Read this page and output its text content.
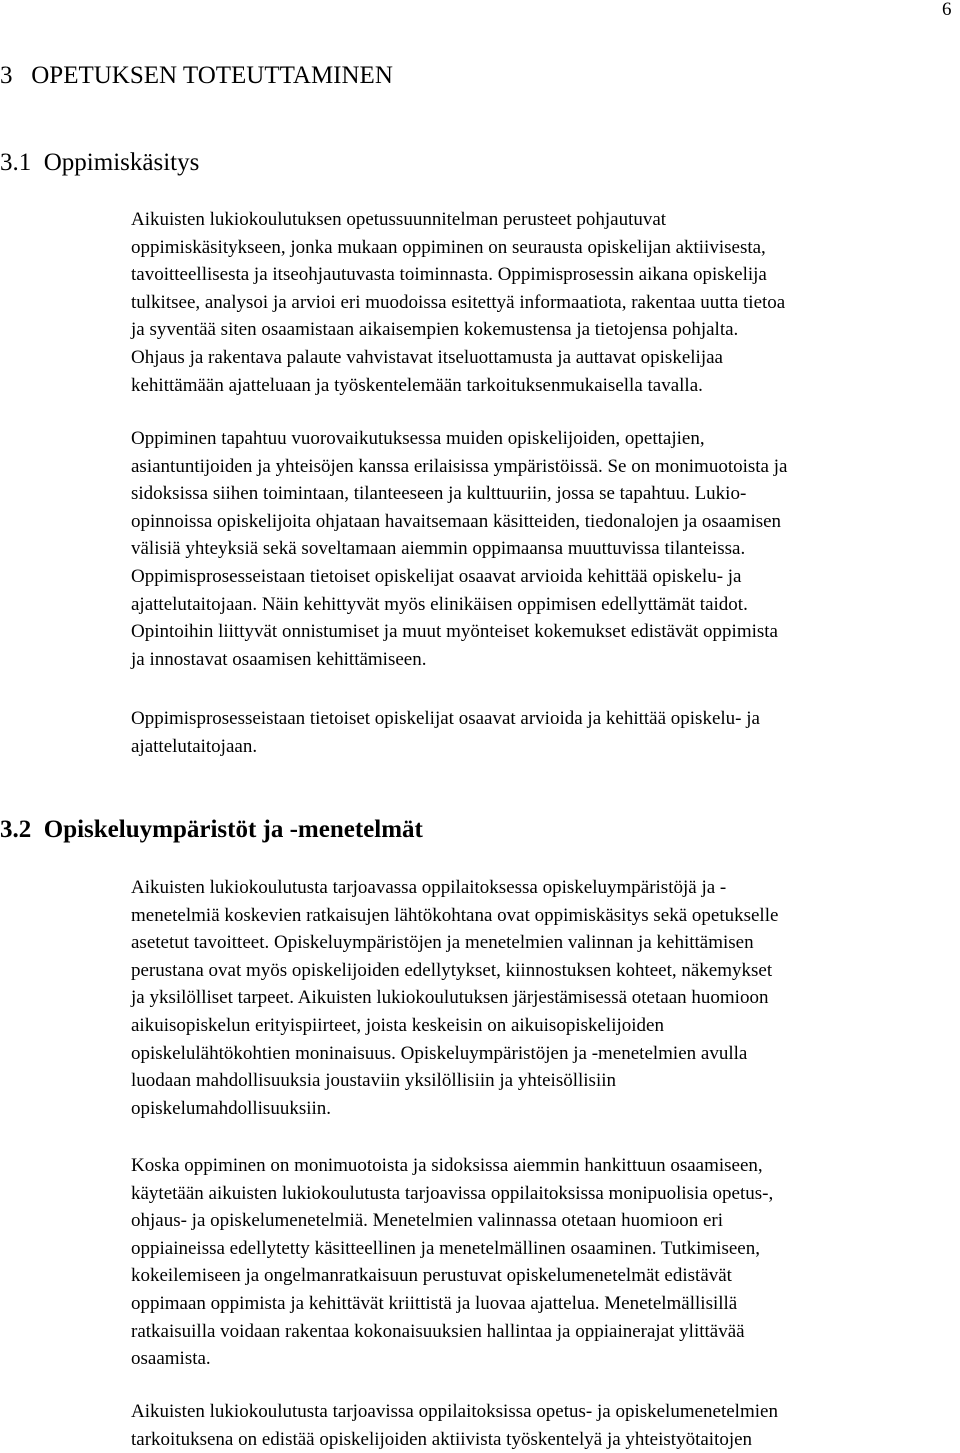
6
3   OPETUKSEN TOTEUTTAMINEN
3.1  Oppimiskäsitys
Aikuisten lukiokoulutuksen opetussuunnitelman perusteet pohjautuvat
oppimiskäsitykseen, jonka mukaan oppiminen on seurausta opiskelijan aktiivisesta,
tavoitteellisesta ja itseohjautuvasta toiminnasta. Oppimisprosessin aikana opiskelija
tulkitsee, analysoi ja arvioi eri muodoissa esitettyä informaatiota, rakentaa uutta tietoa
ja syventää siten osaamistaan aikaisempien kokemustensa ja tietojensa pohjalta.
Ohjaus ja rakentava palaute vahvistavat itseluottamusta ja auttavat opiskelijaa
kehittämään ajatteluaan ja työskentelemään tarkoituksenmukaisella tavalla.
Oppiminen tapahtuu vuorovaikutuksessa muiden opiskelijoiden, opettajien,
asiantuntijoiden ja yhteisöjen kanssa erilaisissa ympäristöissä. Se on monimuotoista ja
sidoksissa siihen toimintaan, tilanteeseen ja kulttuuriin, jossa se tapahtuu. Lukio-
opinnoissa opiskelijoita ohjataan havaitsemaan käsitteiden, tiedonalojen ja osaamisen
välisiä yhteyksiä sekä soveltamaan aiemmin oppimaansa muuttuvissa tilanteissa.
Oppimisprosesseistaan tietoiset opiskelijat osaavat arvioida kehittää opiskelu- ja
ajattelutaitojaan. Näin kehittyvät myös elinikäisen oppimisen edellyttämät taidot.
Opintoihin liittyvät onnistumiset ja muut myönteiset kokemukset edistävät oppimista
ja innostavat osaamisen kehittämiseen.
Oppimisprosesseistaan tietoiset opiskelijat osaavat arvioida ja kehittää opiskelu- ja
ajattelutaitojaan.
3.2  Opiskeluympäristöt ja -menetelmät
Aikuisten lukiokoulutusta tarjoavassa oppilaitoksessa opiskeluympäristöjä ja -
menetelmiä koskevien ratkaisujen lähtökohtana ovat oppimiskäsitys sekä opetukselle
asetetut tavoitteet. Opiskeluympäristöjen ja menetelmien valinnan ja kehittämisen
perustana ovat myös opiskelijoiden edellytykset, kiinnostuksen kohteet, näkemykset
ja yksilölliset tarpeet. Aikuisten lukiokoulutuksen järjestämisessä otetaan huomioon
aikuisopiskelun erityispiirteet, joista keskeisin on aikuisopiskelijoiden
opiskelulähtökohtien moninaisuus. Opiskeluympäristöjen ja -menetelmien avulla
luodaan mahdollisuuksia joustaviin yksilöllisiin ja yhteisöllisiin
opiskelumahdollisuuksiin.
Koska oppiminen on monimuotoista ja sidoksissa aiemmin hankittuun osaamiseen,
käytetään aikuisten lukiokoulutusta tarjoavissa oppilaitoksissa monipuolisia opetus-,
ohjaus- ja opiskelumenetelmiä. Menetelmien valinnassa otetaan huomioon eri
oppiaineissa edellytetty käsitteellinen ja menetelmällinen osaaminen. Tutkimiseen,
kokeilemiseen ja ongelmanratkaisuun perustuvat opiskelumenetelmät edistävät
oppimaan oppimista ja kehittävät kriittistä ja luovaa ajattelua. Menetelmällisillä
ratkaisuilla voidaan rakentaa kokonaisuuksien hallintaa ja oppiainerajat ylittävää
osaamista.
Aikuisten lukiokoulutusta tarjoavissa oppilaitoksissa opetus- ja opiskelumenetelmien
tarkoituksena on edistää opiskelijoiden aktiivista työskentelyä ja yhteistyötaitojen
